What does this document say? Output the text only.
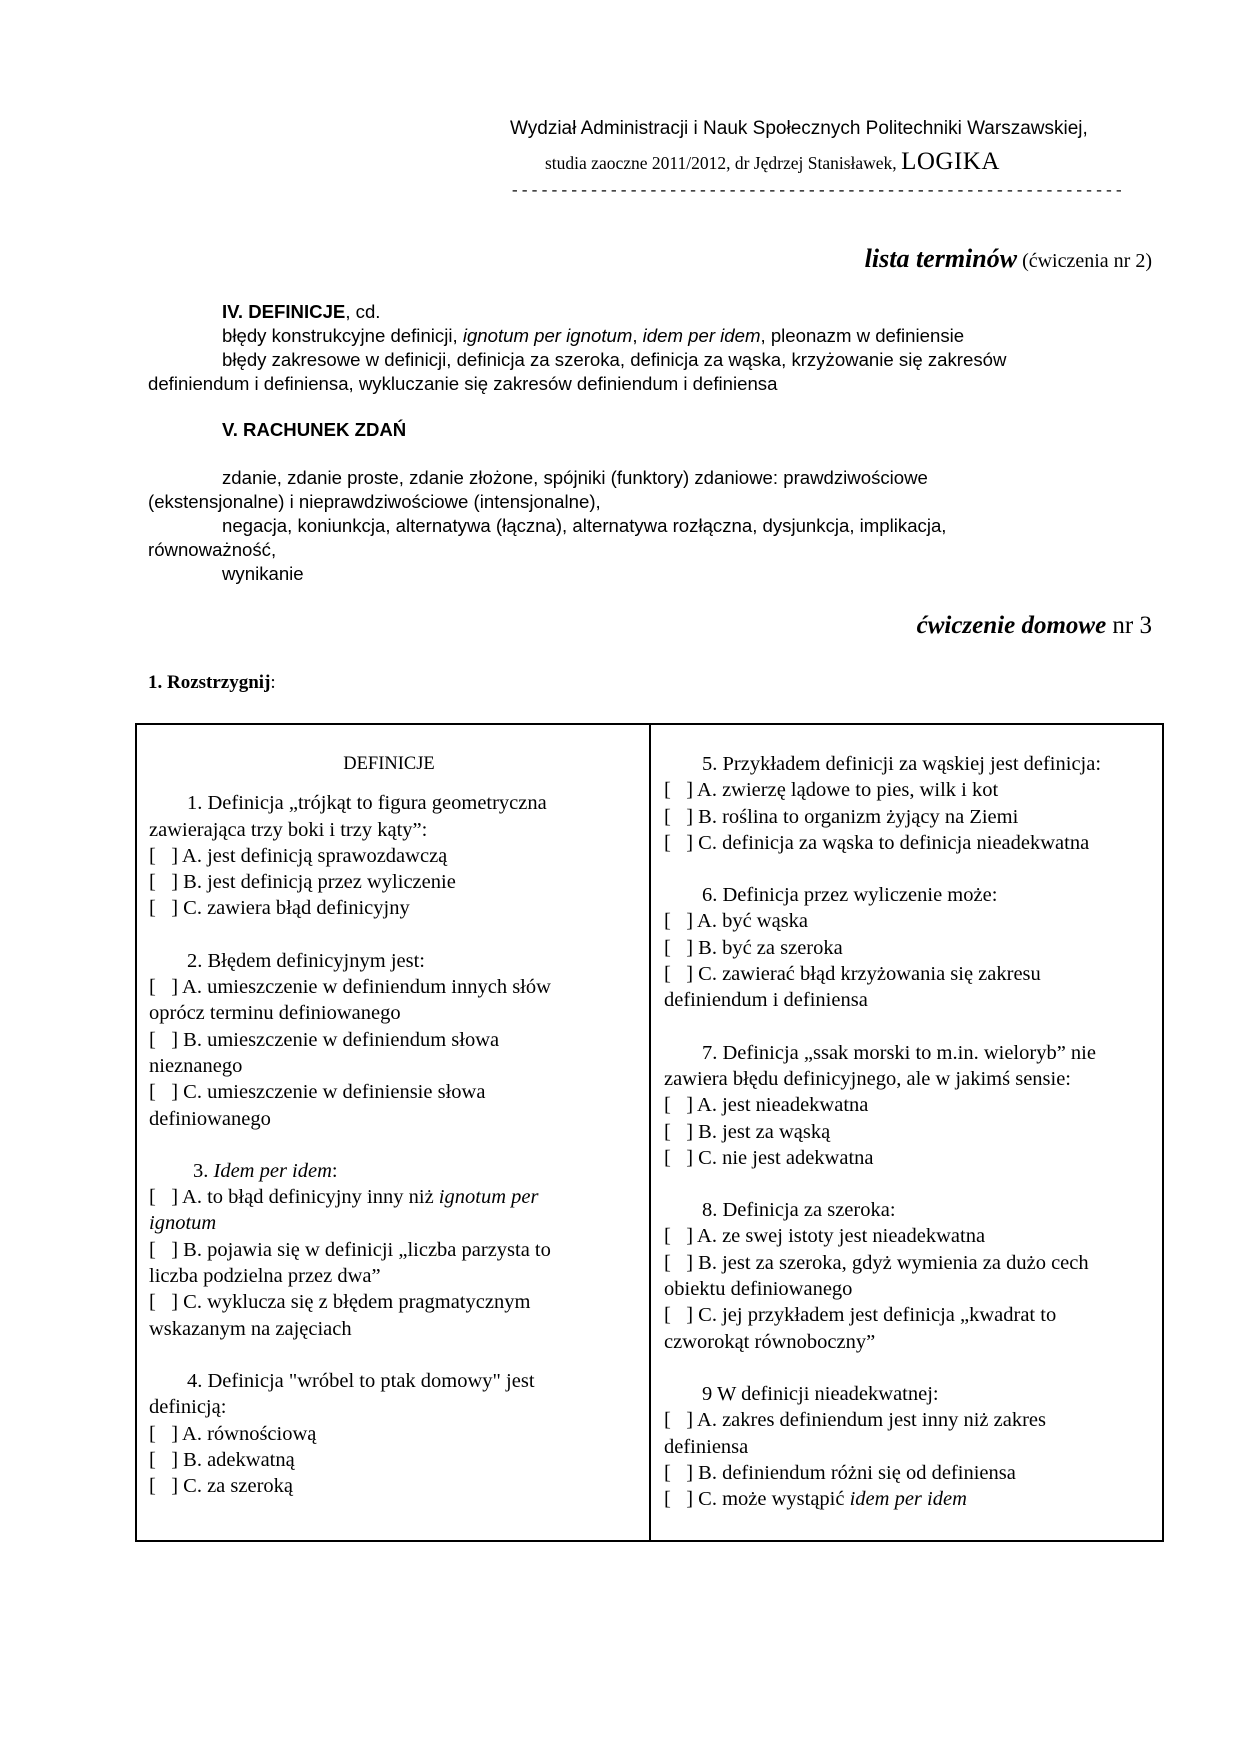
Wydział Administracji i Nauk Społecznych Politechniki Warszawskiej,
studia zaoczne 2011/2012, dr Jędrzej Stanisławek, LOGIKA
--------------------------------------------------------------
lista terminów (ćwiczenia nr 2)

IV. DEFINICJE, cd.

błędy konstrukcyjne definicji, ignotum per ignotum, idem per idem, pleonazm w definiensie

błędy zakresowe w definicji, definicja za szeroka, definicja za wąska, krzyżowanie się zakresów

definiendum i definiensa, wykluczanie się zakresów definiendum i definiensa

V. RACHUNEK ZDAŃ

zdanie, zdanie proste, zdanie złożone, spójniki (funktory) zdaniowe: prawdziwościowe

(ekstensjonalne) i nieprawdziwościowe (intensjonalne),

negacja, koniunkcja, alternatywa (łączna), alternatywa rozłączna, dysjunkcja, implikacja,

równoważność,

wynikanie

ćwiczenie domowe nr 3
1. Rozstrzygnij:

DEFINICJE

1. Definicja „trójkąt to figura geometryczna

zawierająca trzy boki i trzy kąty”:

[   ] A. jest definicją sprawozdawczą

[   ] B. jest definicją przez wyliczenie

[   ] C. zawiera błąd definicyjny

2. Błędem definicyjnym jest:

[   ] A. umieszczenie w definiendum innych słów

oprócz terminu definiowanego

[   ] B. umieszczenie w definiendum słowa

nieznanego

[   ] C. umieszczenie w definiensie słowa

definiowanego

3. Idem per idem:

[   ] A. to błąd definicyjny inny niż ignotum per

ignotum

[   ] B. pojawia się w definicji „liczba parzysta to

liczba podzielna przez dwa”

[   ] C. wyklucza się z błędem pragmatycznym

wskazanym na zajęciach

4. Definicja "wróbel to ptak domowy" jest

definicją:

[   ] A. równościową

[   ] B. adekwatną

[   ] C. za szeroką

5. Przykładem definicji za wąskiej jest definicja:

[   ] A. zwierzę lądowe to pies, wilk i kot

[   ] B. roślina to organizm żyjący na Ziemi

[   ] C. definicja za wąska to definicja nieadekwatna

6. Definicja przez wyliczenie może:

[   ] A. być wąska

[   ] B. być za szeroka

[   ] C. zawierać błąd krzyżowania się zakresu

definiendum i definiensa

7. Definicja „ssak morski to m.in. wieloryb” nie

zawiera błędu definicyjnego, ale w jakimś sensie:

[   ] A. jest nieadekwatna

[   ] B. jest za wąską

[   ] C. nie jest adekwatna

8. Definicja za szeroka:

[   ] A. ze swej istoty jest nieadekwatna

[   ] B. jest za szeroka, gdyż wymienia za dużo cech

obiektu definiowanego

[   ] C. jej przykładem jest definicja „kwadrat to

czworokąt równoboczny”

9 W definicji nieadekwatnej:

[   ] A. zakres definiendum jest inny niż zakres

definiensa

[   ] B. definiendum różni się od definiensa

[   ] C. może wystąpić idem per idem
